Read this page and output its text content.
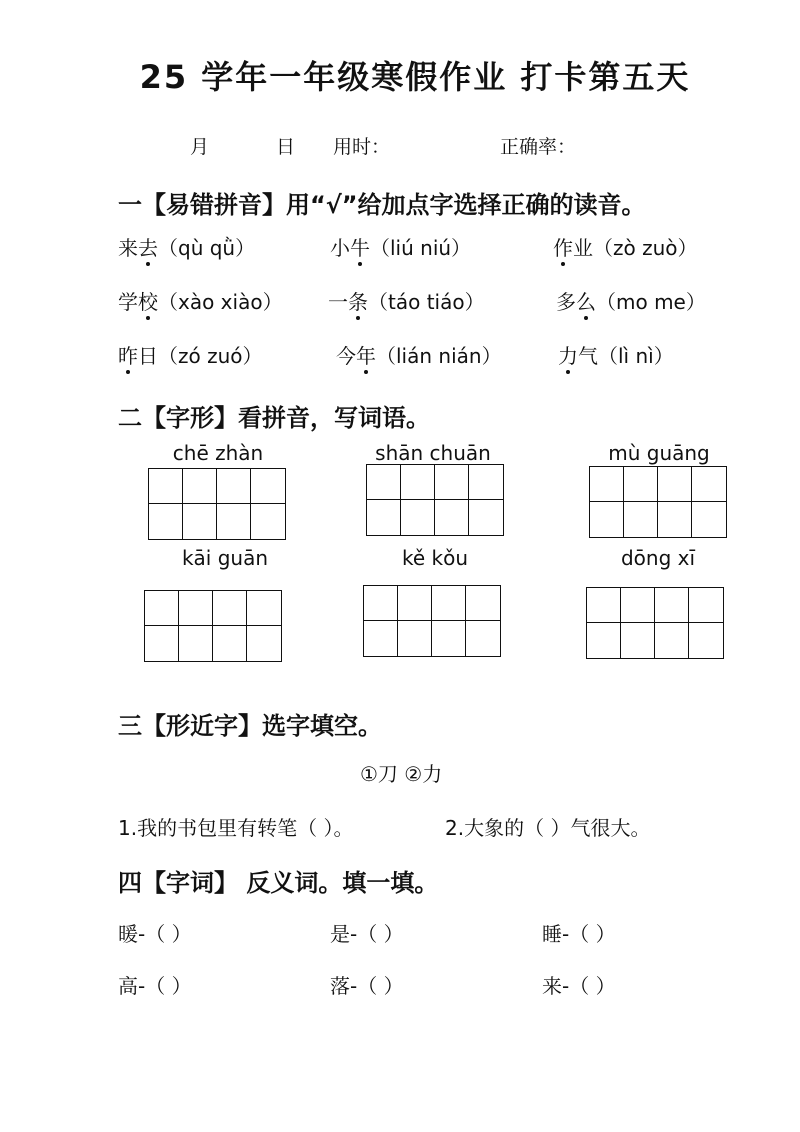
25 学年一年级寒假作业 打卡第五天
月	日 用时：	正确率：
一【易错拼音】用“√”给加点字选择正确的读音。
来去（qù qǜ）	小牛（liú niú）	作业（zò zuò）
学校（xào xiào） 一条（táo tiáo）	多么（mo me）
昨日（zó zuó）	今年（lián nián）	力气（lì nì）
二【字形】看拼音，写词语。
chē zhàn	shān chuān	mù guāng
kāi guān	kě kǒu	dōng xī
三【形近字】选字填空。
①刀 ②力
1.我的书包里有转笔（ ）。	2.大象的（ ）气很大。
四【字词】 反义词。填一填。
暖-（ ）	是-（ ）	睡-（ ）
高-（ ）	落-（ ）	来-（ ）
